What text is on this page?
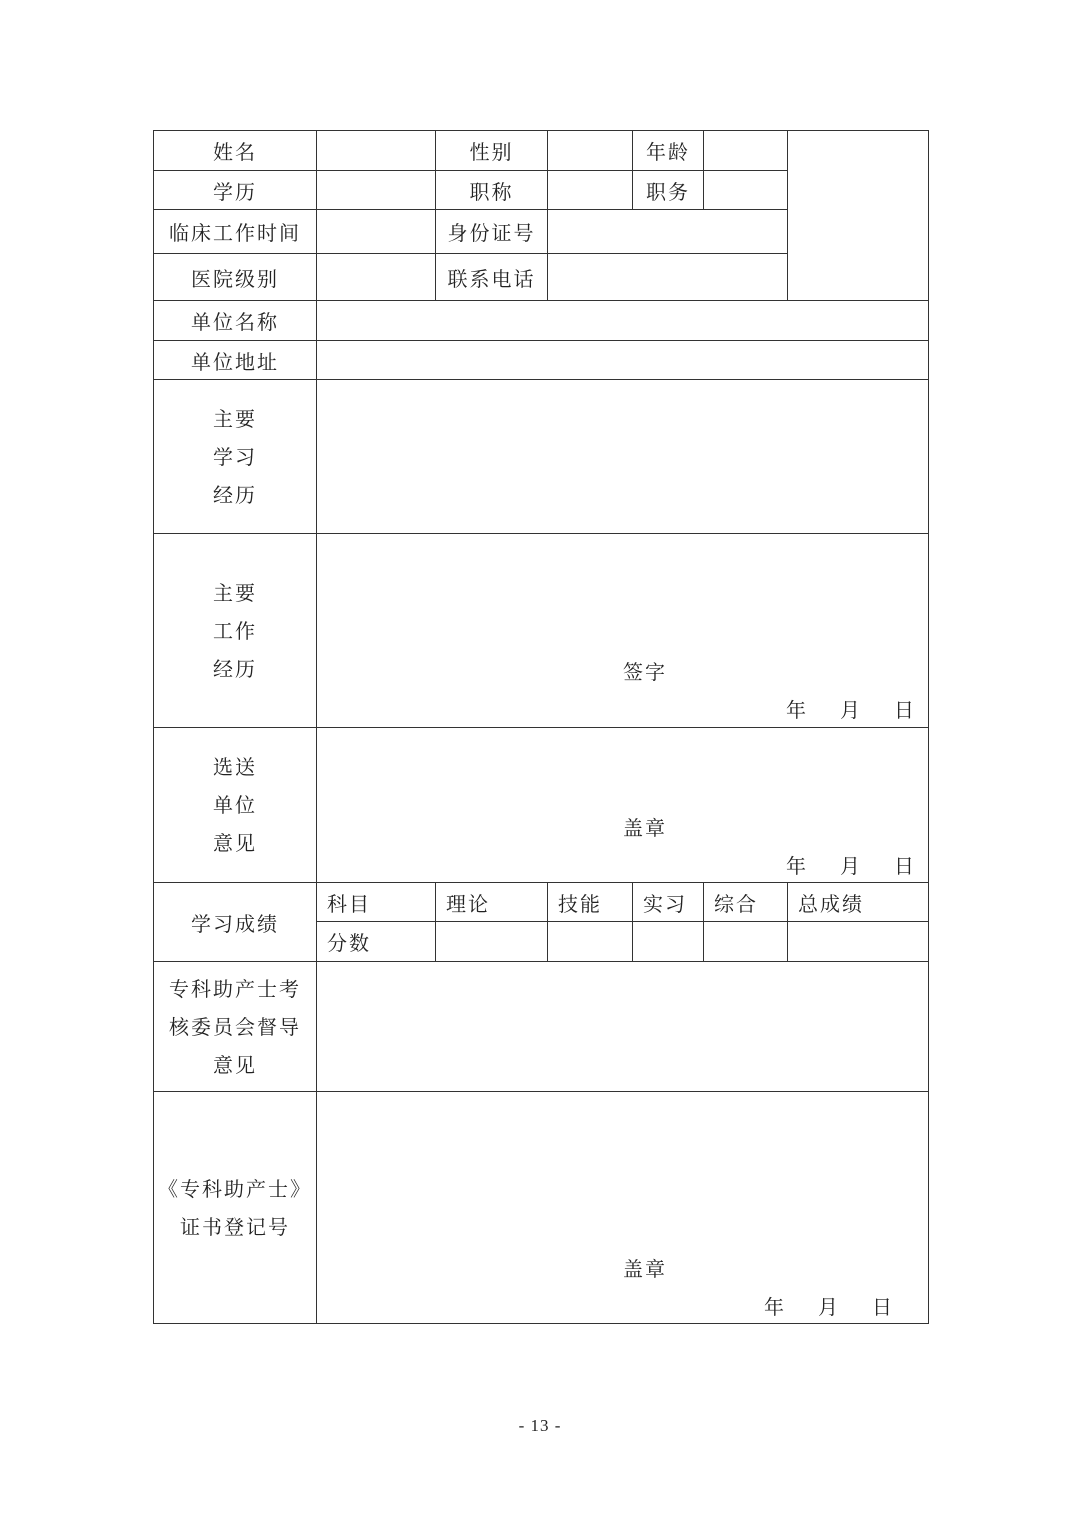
姓名		性别		年龄		
学历		职称		职务		
临床工作时间		身份证号				
医院级别		联系电话				
单位名称						
单位地址						

主要
学习
经历						

主要
工作
经历	签字
年 月 日					

选送
单位
意见	盖章
年 月 日					

学习成绩	科目	理论	技能	实习	综合	总成绩
	分数					

专科助产士考
核委员会督导
意见						

《专科助产士》
证书登记号	盖章
年 月 日					
- 13 -
